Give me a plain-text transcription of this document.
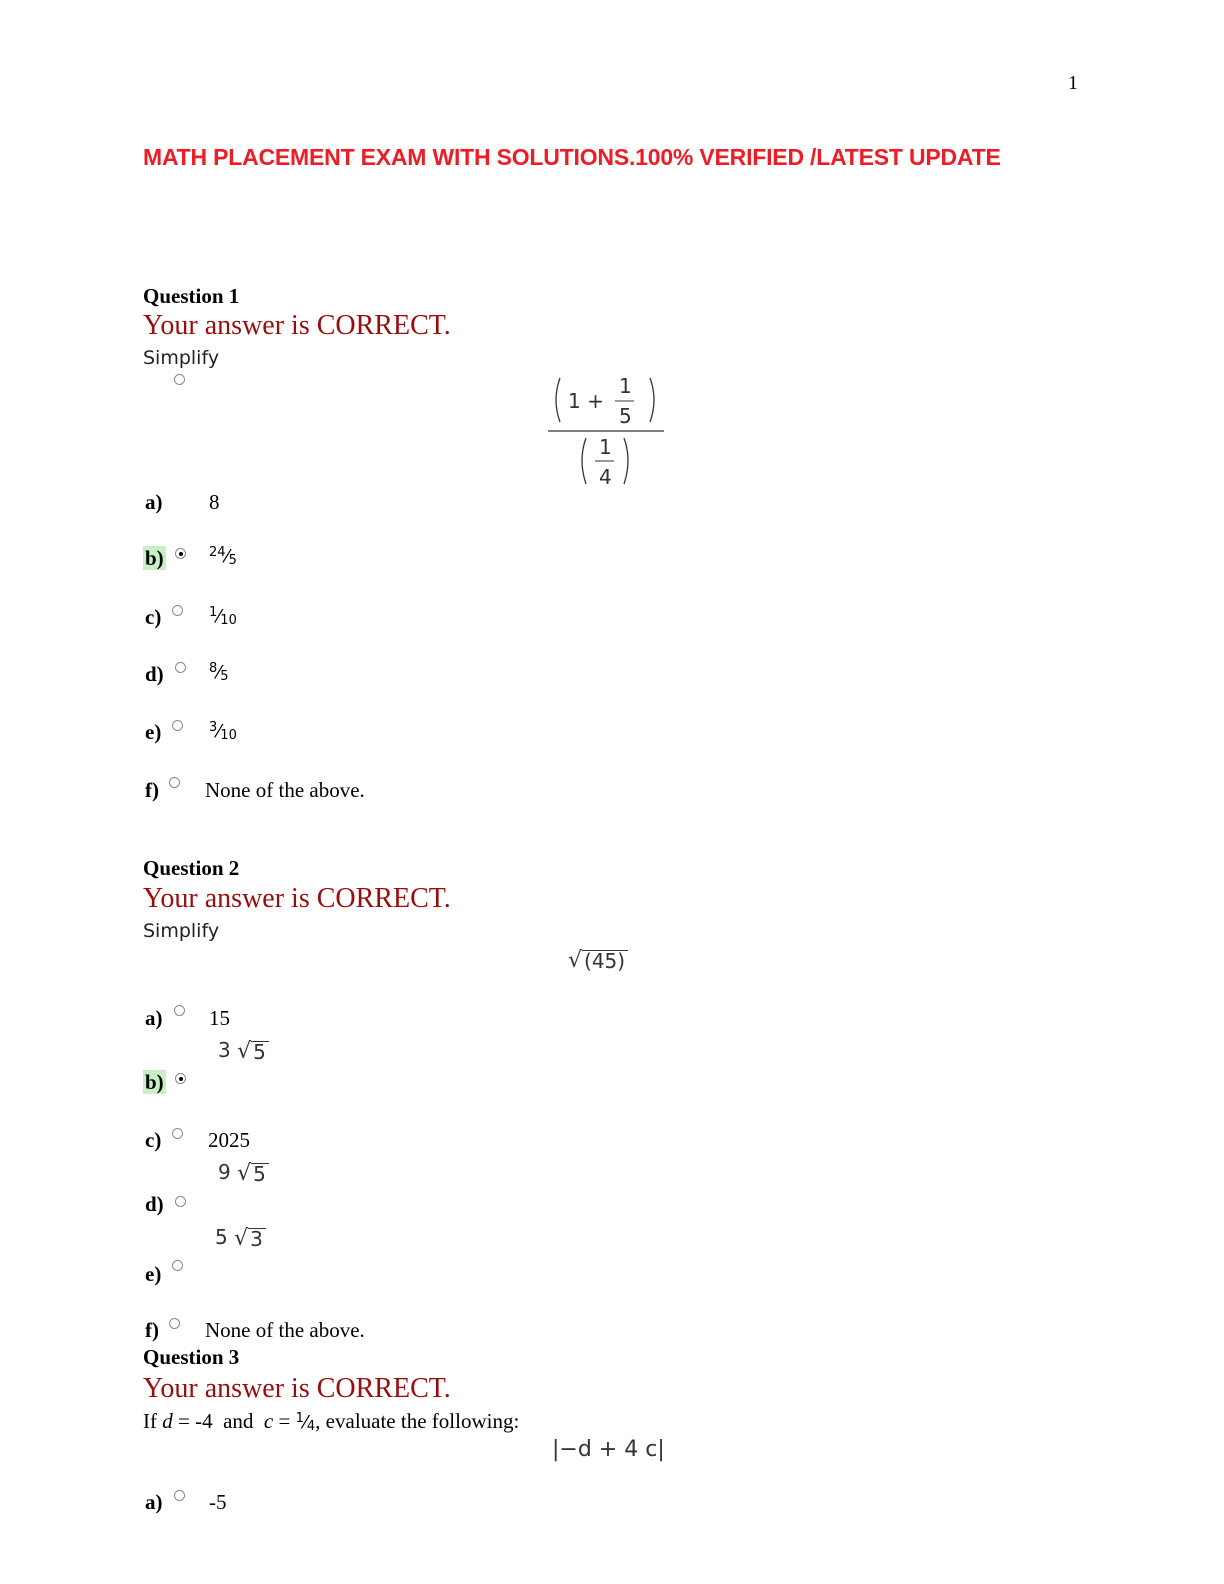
1
MATH PLACEMENT EXAM WITH SOLUTIONS.100% VERIFIED /LATEST UPDATE
Question 1
Your answer is CORRECT.
Simplify
1 +
1
5
1
4
a) 8
b)	$^{24}⁄_5$
c)	$^1⁄_{10}$
d)	$^8⁄_5$
e)	$^3⁄_{10}$
f) None of the above.
Question 2
Your answer is CORRECT.
Simplify
√ (45)
a) 15
3
√ 5
b)
c) 2025
9
√ 5
d)
5
√ 3
e)
f) None of the above.
Question 3
Your answer is CORRECT.
If d = -4 and $c = ^1⁄_4$, evaluate the following:
|−d + 4 c|
a) -5
